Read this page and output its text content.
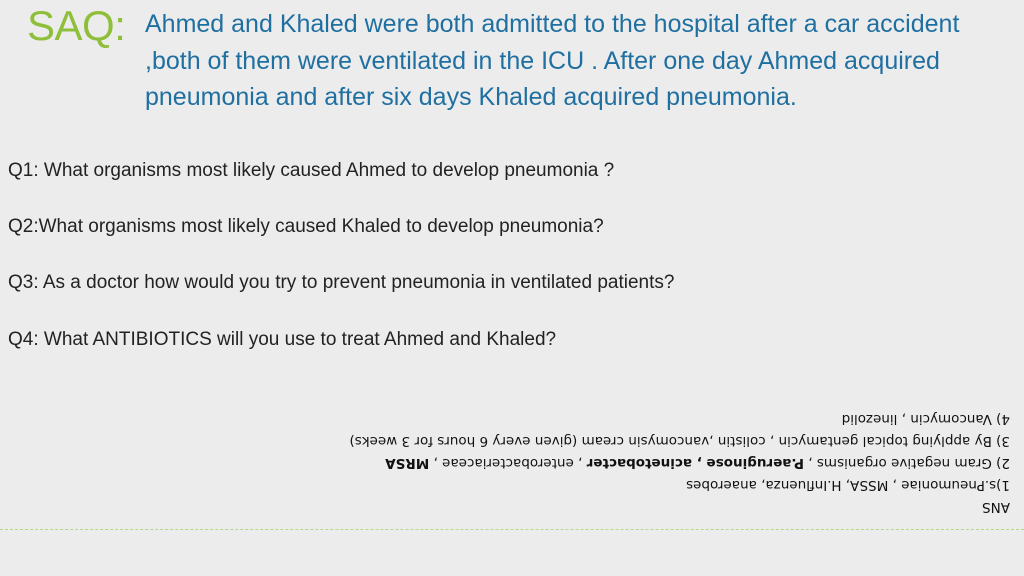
SAQ: Ahmed and Khaled were both admitted to the hospital after a car accident ,both of them were ventilated in the ICU . After one day Ahmed acquired pneumonia and after six days Khaled acquired pneumonia.
Q1: What organisms most likely caused Ahmed to develop pneumonia ?
Q2:What organisms most likely caused Khaled to develop pneumonia?
Q3: As a doctor how would you try to prevent pneumonia in ventilated patients?
Q4: What ANTIBIOTICS will you use to treat Ahmed and Khaled?
ANS
1)s.Pneumoniae , MSSA, H.Influenza, anaerobes
2) Gram negative organisms , P.aeruginose , acinetobacter , enterobacteriaceae , MRSA
3) By applying topical gentamycin , colistin ,vancomysin cream (given every 6 hours for 3 weeks)
4) Vancomycin , linezolid
